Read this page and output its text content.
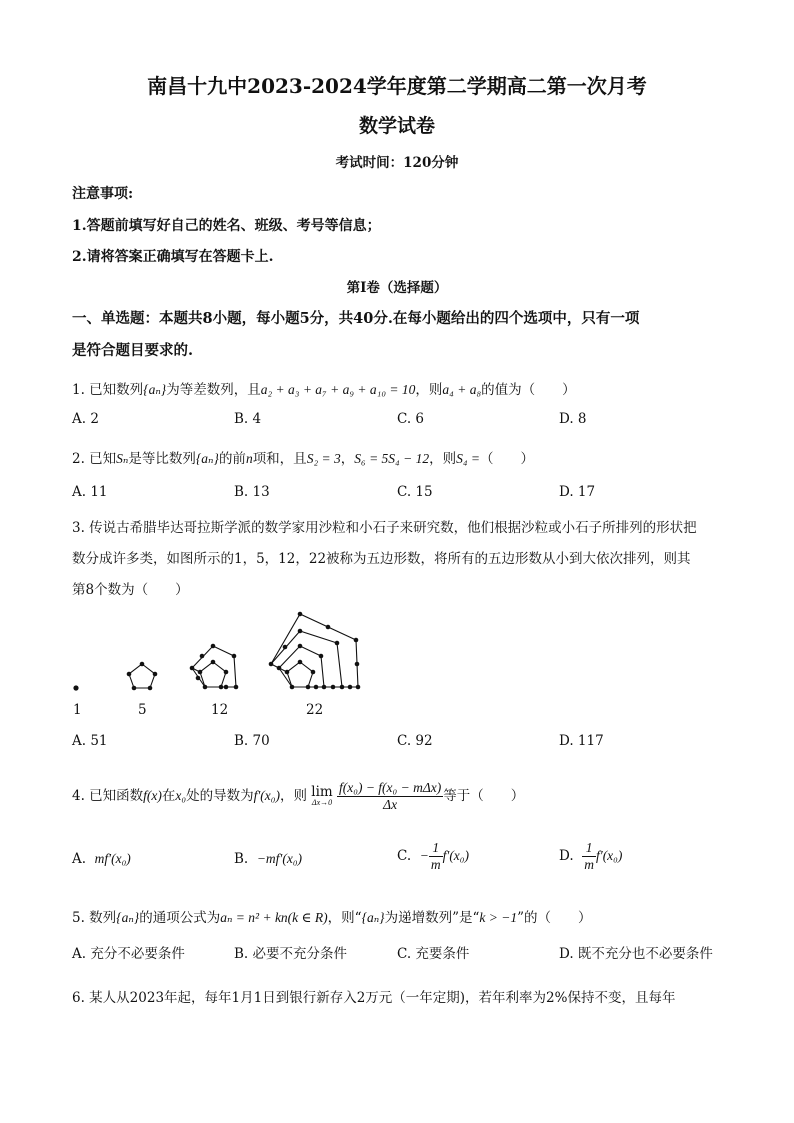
南昌十九中2023-2024学年度第二学期高二第一次月考
数学试卷
考试时间：120分钟
注意事项:
1.答题前填写好自己的姓名、班级、考号等信息；
2.请将答案正确填写在答题卡上.
第I卷（选择题）
一、单选题：本题共8小题，每小题5分，共40分.在每小题给出的四个选项中，只有一项
是符合题目要求的.
1. 已知数列{aₙ}为等差数列，且a₂ + a₃ + a₇ + a₉ + a₁₀ = 10，则a₄ + a₈的值为（　　）
A. 2	B. 4	C. 6	D. 8
2. 已知Sₙ是等比数列{aₙ}的前n项和，且S₂ = 3，S₆ = 5S₄ − 12，则S₄ =（　　）
A. 11	B. 13	C. 15	D. 17
3. 传说古希腊毕达哥拉斯学派的数学家用沙粒和小石子来研究数，他们根据沙粒或小石子所排列的形状把
数分成许多类，如图所示的1，5，12，22被称为五边形数，将所有的五边形数从小到大依次排列，则其
第8个数为（　　）
1	5	12	22
A. 51	B. 70	C. 92	D. 117
4. 已知函数f(x)在x₀处的导数为f′(x₀)，则 lim
Δx→0
$\frac{\text{f(x₀) − f(x₀ − mΔx)}}{\Delta x}$ 等于（　　）
A. mf′(x₀)	B. −mf′(x₀)	C. − $\frac{1}{m} f'(x_0)$	D. $\frac{1}{m} f'(x_0)$
5. 数列{aₙ}的通项公式为aₙ = n² + kn(k ∈ R)，则“{aₙ}为递增数列”是“k > −1”的（　　）
A. 充分不必要条件	B. 必要不充分条件	C. 充要条件	D. 既不充分也不必要条件
6. 某人从2023年起，每年1月1日到银行新存入2万元（一年定期)，若年利率为2%保持不变，且每年
